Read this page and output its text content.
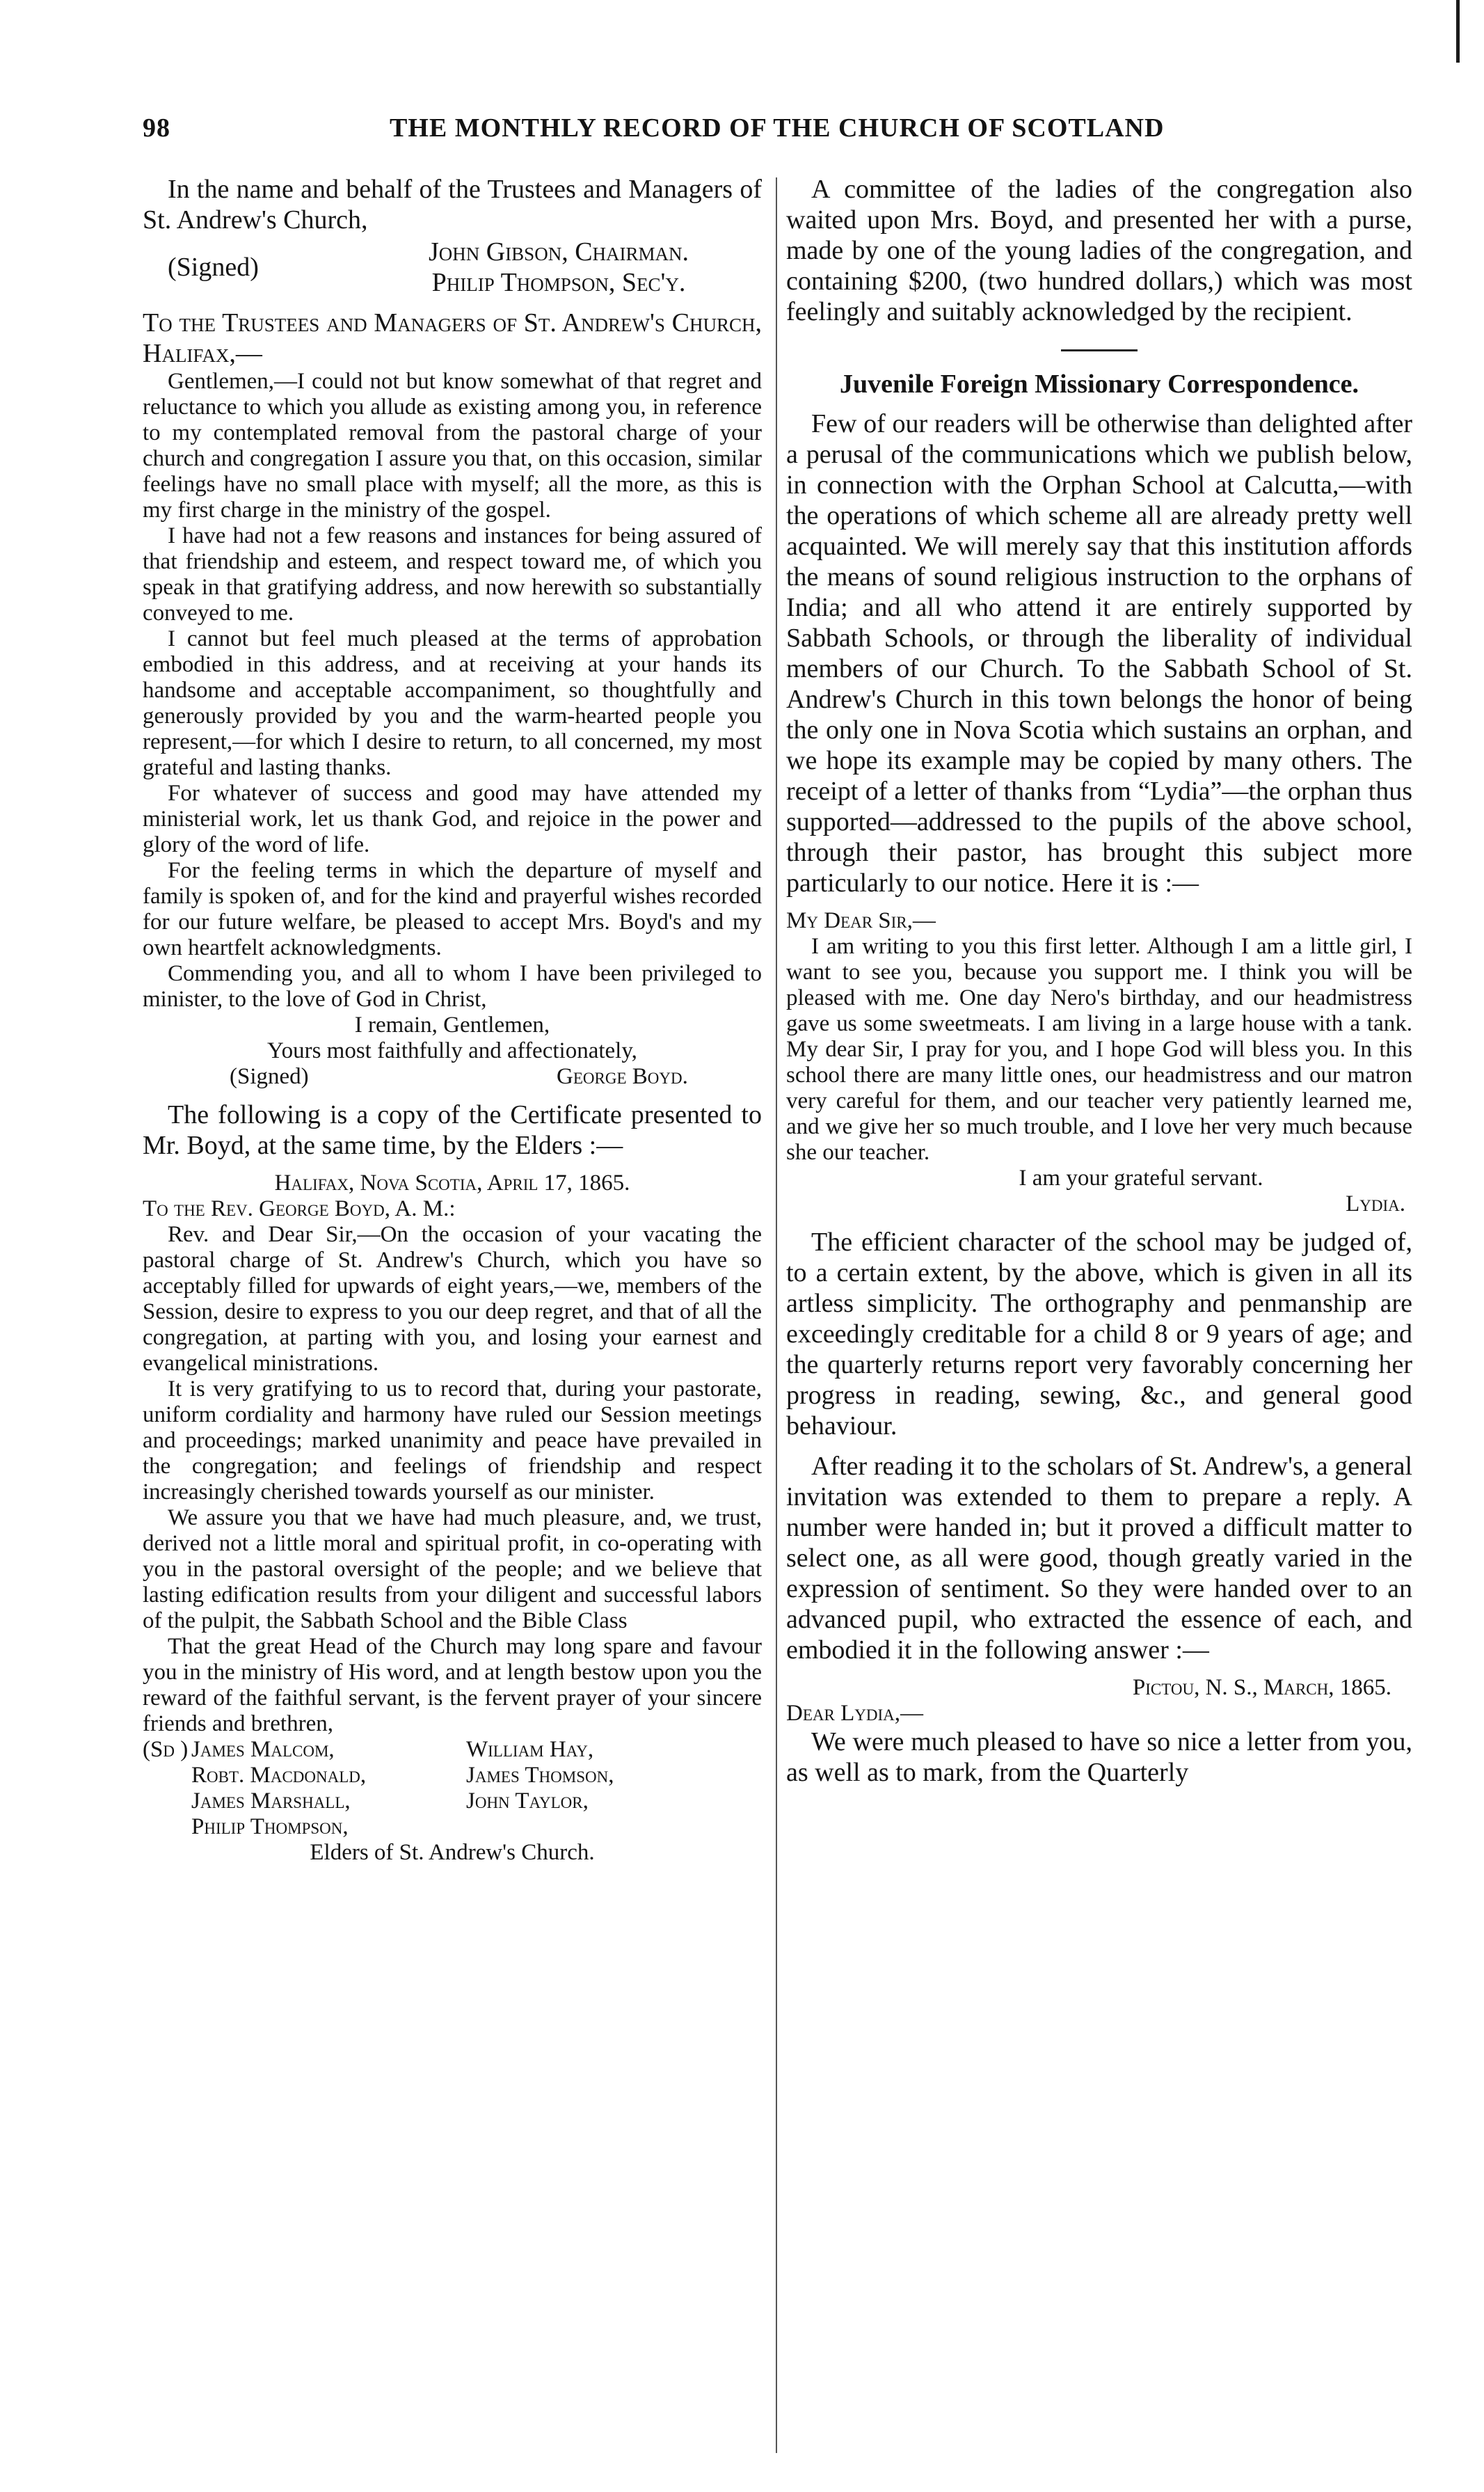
98	THE MONTHLY RECORD OF THE CHURCH OF SCOTLAND

In the name and behalf of the Trustees and Managers of St. Andrew's Church,

(Signed)
John Gibson, Chairman.
Philip Thompson, Sec'y.

To the Trustees and Managers of St. Andrew's Church, Halifax,—

Gentlemen,—I could not but know somewhat of that regret and reluctance to which you allude as existing among you, in reference to my contemplated removal from the pastoral charge of your church and congregation I assure you that, on this occasion, similar feelings have no small place with myself; all the more, as this is my first charge in the ministry of the gospel.

I have had not a few reasons and instances for being assured of that friendship and esteem, and respect toward me, of which you speak in that gratifying address, and now herewith so substantially conveyed to me.

I cannot but feel much pleased at the terms of approbation embodied in this address, and at receiving at your hands its handsome and acceptable accompaniment, so thoughtfully and generously provided by you and the warm-hearted people you represent,—for which I desire to return, to all concerned, my most grateful and lasting thanks.

For whatever of success and good may have attended my ministerial work, let us thank God, and rejoice in the power and glory of the word of life.

For the feeling terms in which the departure of myself and family is spoken of, and for the kind and prayerful wishes recorded for our future welfare, be pleased to accept Mrs. Boyd's and my own heartfelt acknowledgments.

Commending you, and all to whom I have been privileged to minister, to the love of God in Christ,

I remain, Gentlemen,

Yours most faithfully and affectionately,

(Signed)	George Boyd.

The following is a copy of the Certificate presented to Mr. Boyd, at the same time, by the Elders :—

Halifax, Nova Scotia, April 17, 1865.

To the Rev. George Boyd, A. M.:

Rev. and Dear Sir,—On the occasion of your vacating the pastoral charge of St. Andrew's Church, which you have so acceptably filled for upwards of eight years,—we, members of the Session, desire to express to you our deep regret, and that of all the congregation, at parting with you, and losing your earnest and evangelical ministrations.

It is very gratifying to us to record that, during your pastorate, uniform cordiality and harmony have ruled our Session meetings and proceedings; marked unanimity and peace have prevailed in the congregation; and feelings of friendship and respect increasingly cherished towards yourself as our minister.

We assure you that we have had much pleasure, and, we trust, derived not a little moral and spiritual profit, in co-operating with you in the pastoral oversight of the people; and we believe that lasting edification results from your diligent and successful labors of the pulpit, the Sabbath School and the Bible Class

That the great Head of the Church may long spare and favour you in the ministry of His word, and at length bestow upon you the reward of the faithful servant, is the fervent prayer of your sincere friends and brethren,

(Sd ) James Malcom,	William Hay,
Robt. Macdonald,	James Thomson,
James Marshall,	John Taylor,
Philip Thompson,

Elders of St. Andrew's Church.

A committee of the ladies of the congregation also waited upon Mrs. Boyd, and presented her with a purse, made by one of the young ladies of the congregation, and containing $200, (two hundred dollars,) which was most feelingly and suitably acknowledged by the recipient.

Juvenile Foreign Missionary Correspondence.

Few of our readers will be otherwise than delighted after a perusal of the communications which we publish below, in connection with the Orphan School at Calcutta,—with the operations of which scheme all are already pretty well acquainted. We will merely say that this institution affords the means of sound religious instruction to the orphans of India; and all who attend it are entirely supported by Sabbath Schools, or through the liberality of individual members of our Church. To the Sabbath School of St. Andrew's Church in this town belongs the honor of being the only one in Nova Scotia which sustains an orphan, and we hope its example may be copied by many others. The receipt of a letter of thanks from “Lydia”—the orphan thus supported—addressed to the pupils of the above school, through their pastor, has brought this subject more particularly to our notice. Here it is :—

My Dear Sir,—

I am writing to you this first letter. Although I am a little girl, I want to see you, because you support me. I think you will be pleased with me. One day Nero's birthday, and our headmistress gave us some sweetmeats. I am living in a large house with a tank. My dear Sir, I pray for you, and I hope God will bless you. In this school there are many little ones, our headmistress and our matron very careful for them, and our teacher very patiently learned me, and we give her so much trouble, and I love her very much because she our teacher.

I am your grateful servant.

Lydia.

The efficient character of the school may be judged of, to a certain extent, by the above, which is given in all its artless simplicity. The orthography and penmanship are exceedingly creditable for a child 8 or 9 years of age; and the quarterly returns report very favorably concerning her progress in reading, sewing, &c., and general good behaviour.

After reading it to the scholars of St. Andrew's, a general invitation was extended to them to prepare a reply. A number were handed in; but it proved a difficult matter to select one, as all were good, though greatly varied in the expression of sentiment. So they were handed over to an advanced pupil, who extracted the essence of each, and embodied it in the following answer :—

Pictou, N. S., March, 1865.

Dear Lydia,—

We were much pleased to have so nice a letter from you, as well as to mark, from the Quarterly
